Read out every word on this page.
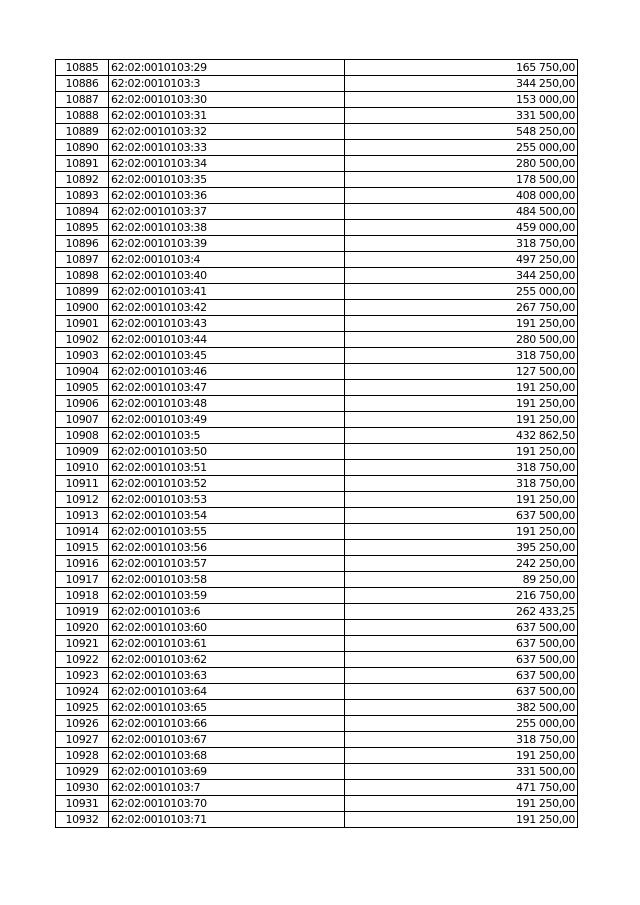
10885	62:02:0010103:29	165 750,00
10886	62:02:0010103:3	344 250,00
10887	62:02:0010103:30	153 000,00
10888	62:02:0010103:31	331 500,00
10889	62:02:0010103:32	548 250,00
10890	62:02:0010103:33	255 000,00
10891	62:02:0010103:34	280 500,00
10892	62:02:0010103:35	178 500,00
10893	62:02:0010103:36	408 000,00
10894	62:02:0010103:37	484 500,00
10895	62:02:0010103:38	459 000,00
10896	62:02:0010103:39	318 750,00
10897	62:02:0010103:4	497 250,00
10898	62:02:0010103:40	344 250,00
10899	62:02:0010103:41	255 000,00
10900	62:02:0010103:42	267 750,00
10901	62:02:0010103:43	191 250,00
10902	62:02:0010103:44	280 500,00
10903	62:02:0010103:45	318 750,00
10904	62:02:0010103:46	127 500,00
10905	62:02:0010103:47	191 250,00
10906	62:02:0010103:48	191 250,00
10907	62:02:0010103:49	191 250,00
10908	62:02:0010103:5	432 862,50
10909	62:02:0010103:50	191 250,00
10910	62:02:0010103:51	318 750,00
10911	62:02:0010103:52	318 750,00
10912	62:02:0010103:53	191 250,00
10913	62:02:0010103:54	637 500,00
10914	62:02:0010103:55	191 250,00
10915	62:02:0010103:56	395 250,00
10916	62:02:0010103:57	242 250,00
10917	62:02:0010103:58	89 250,00
10918	62:02:0010103:59	216 750,00
10919	62:02:0010103:6	262 433,25
10920	62:02:0010103:60	637 500,00
10921	62:02:0010103:61	637 500,00
10922	62:02:0010103:62	637 500,00
10923	62:02:0010103:63	637 500,00
10924	62:02:0010103:64	637 500,00
10925	62:02:0010103:65	382 500,00
10926	62:02:0010103:66	255 000,00
10927	62:02:0010103:67	318 750,00
10928	62:02:0010103:68	191 250,00
10929	62:02:0010103:69	331 500,00
10930	62:02:0010103:7	471 750,00
10931	62:02:0010103:70	191 250,00
10932	62:02:0010103:71	191 250,00
